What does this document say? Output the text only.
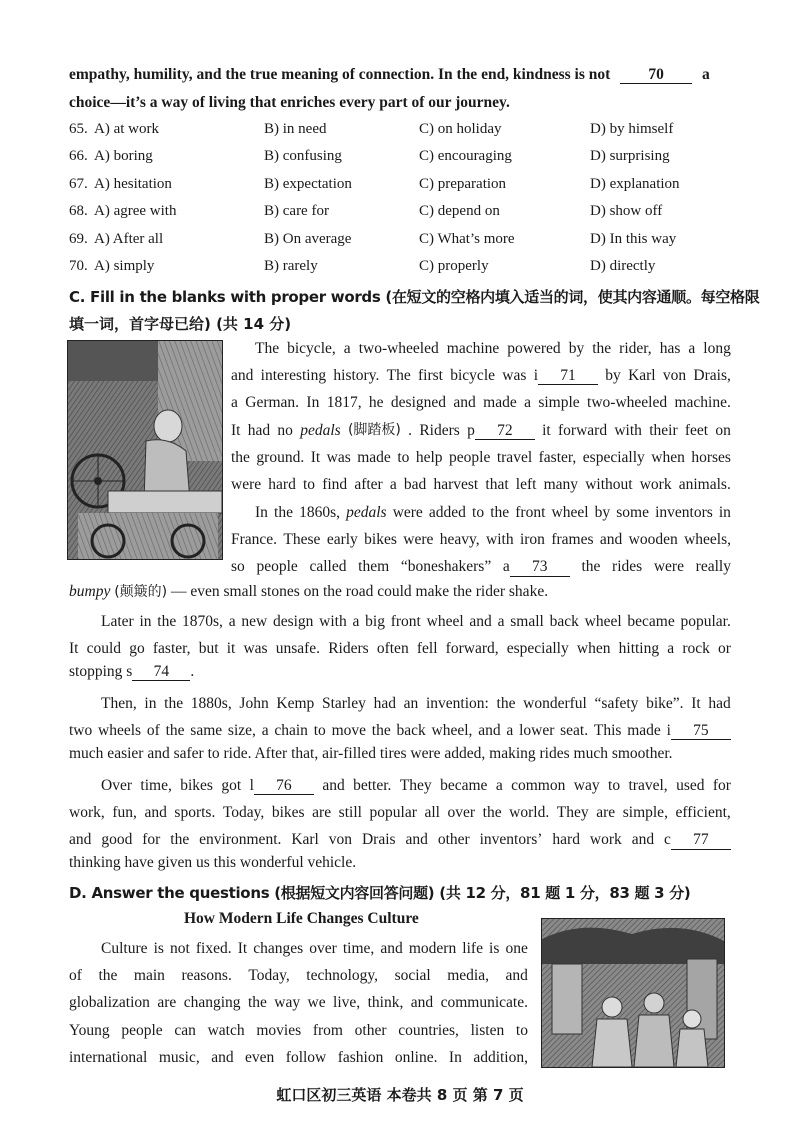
empathy, humility, and the true meaning of connection. In the end, kindness is not 70 a
choice—it’s a way of living that enriches every part of our journey.
65. A) at work	B) in need	C) on holiday	D) by himself
66. A) boring	B) confusing	C) encouraging	D) surprising
67. A) hesitation	B) expectation	C) preparation	D) explanation
68. A) agree with	B) care for	C) depend on	D) show off
69. A) After all	B) On average	C) What’s more	D) In this way
70. A) simply	B) rarely	C) properly	D) directly
C. Fill in the blanks with proper words (在短文的空格内填入适当的词，使其内容通顺。每空格限
填一词，首字母已给) (共 14 分)
The bicycle, a two-wheeled machine powered by the rider, has a long
and interesting history. The first bicycle was i 71	by Karl von Drais,
a German. In 1817, he designed and made a simple two-wheeled machine.
It had no pedals (脚踏板) . Riders p 72	it forward with their feet on
the ground. It was made to help people travel faster, especially when horses
were hard to find after a bad harvest that left many without work animals.
In the 1860s, pedals were added to the front wheel by some inventors in
France. These early bikes were heavy, with iron frames and wooden wheels,
so people called them “boneshakers” a 73	the rides were really
bumpy (颠簸的) — even small stones on the road could make the rider shake.
Later in the 1870s, a new design with a big front wheel and a small back wheel became popular.
It could go faster, but it was unsafe. Riders often fell forward, especially when hitting a rock or
stopping s 74 .
Then, in the 1880s, John Kemp Starley had an invention: the wonderful “safety bike”. It had
two wheels of the same size, a chain to move the back wheel, and a lower seat. This made i 75
much easier and safer to ride. After that, air-filled tires were added, making rides much smoother.
Over time, bikes got l 76	and better. They became a common way to travel, used for
work, fun, and sports. Today, bikes are still popular all over the world. They are simple, efficient,
and good for the environment. Karl von Drais and other inventors’ hard work and c 77
thinking have given us this wonderful vehicle.
D. Answer the questions (根据短文内容回答问题) (共 12 分，81 题 1 分，83 题 3 分)
How Modern Life Changes Culture
Culture is not fixed. It changes over time, and modern life is one
of the main reasons. Today, technology, social media, and
globalization are changing the way we live, think, and communicate.
Young people can watch movies from other countries, listen to
international music, and even follow fashion online. In addition,
虹口区初三英语 本卷共 8 页 第 7 页
